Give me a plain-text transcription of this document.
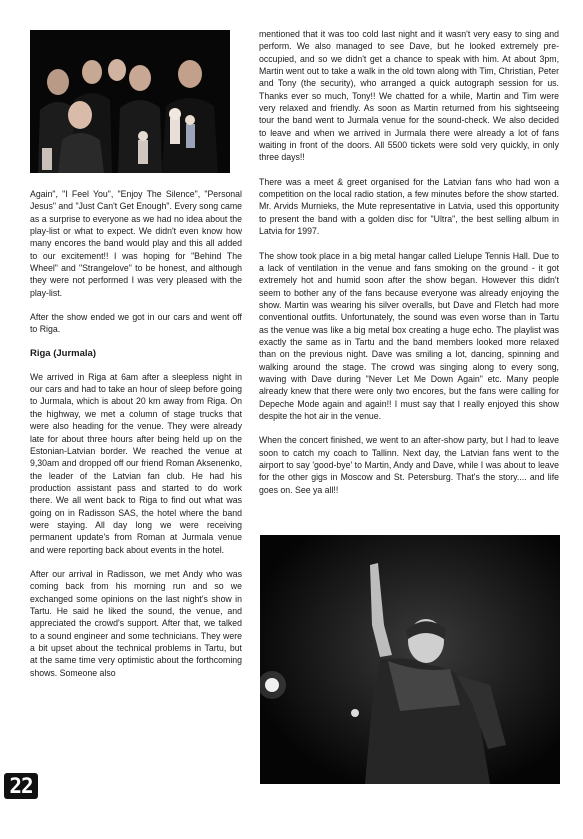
Again", "I Feel You", "Enjoy The Silence", "Personal Jesus" and "Just Can't Get Enough". Every song came as a surprise to everyone as we had no idea about the play-list or what to expect. We didn't even know how many encores the band would play and this all added to our excitement!! I was hoping for "Behind The Wheel" and "Strangelove" to be honest, and although they were not performed I was very pleased with the play-list.

After the show ended we got in our cars and went off to Riga.

Riga (Jurmala)

We arrived in Riga at 6am after a sleepless night in our cars and had to take an hour of sleep before going to Jurmala, which is about 20 km away from Riga. On the highway, we met a column of stage trucks that were also heading for the venue. They were already late for about three hours after being held up on the Estonian-Latvian border. We reached the venue at 9,30am and dropped off our friend Roman Aksenenko, the leader of the Latvian fan club. He had his production assistant pass and started to do work there. We all went back to Riga to find out what was going on in Radisson SAS, the hotel where the band were staying. All day long we were receiving permanent update's from Roman at Jurmala venue and were reporting back about events in the hotel.

After our arrival in Radisson, we met Andy who was coming back from his morning run and so we exchanged some opinions on the last night's show in Tartu. He said he liked the sound, the venue, and appreciated the crowd's support. After that, we talked to a sound engineer and some technicians. They were a bit upset about the technical problems in Tartu, but at the same time very optimistic about the forthcoming shows. Someone also

mentioned that it was too cold last night and it wasn't very easy to sing and perform. We also managed to see Dave, but he looked extremely pre-occupied, and so we didn't get a chance to speak with him. At about 3pm, Martin went out to take a walk in the old town along with Tim, Christian, Peter and Tony (the security), who arranged a quick autograph session for us. Thanks ever so much, Tony!! We chatted for a while, Martin and Tim were very relaxed and friendly. As soon as Martin returned from his sightseeing tour the band went to Jurmala venue for the sound-check. We also decided to leave and when we arrived in Jurmala there were already a lot of fans waiting in front of the doors. All 5500 tickets were sold very quickly, in only three days!!

There was a meet & greet organised for the Latvian fans who had won a competition on the local radio station, a few minutes before the show started. Mr. Arvids Murnieks, the Mute representative in Latvia, used this opportunity to present the band with a golden disc for "Ultra", the best selling album in Latvia for 1997.

The show took place in a big metal hangar called Lielupe Tennis Hall. Due to a lack of ventilation in the venue and fans smoking on the ground - it got extremely hot and humid soon after the show began. However this didn't seem to bother any of the fans because everyone was already enjoying the show. Martin was wearing his silver overalls, but Dave and Fletch had more conventional outfits. Unfortunately, the sound was even worse than in Tartu as the venue was like a big metal box creating a huge echo. The playlist was exactly the same as in Tartu and the band members looked more relaxed than on the previous night. Dave was smiling a lot, dancing, spinning and walking around the stage. The crowd was singing along to every song, waving with Dave during "Never Let Me Down Again" etc. Many people already knew that there were only two encores, but the fans were calling for Depeche Mode again and again!! I must say that I really enjoyed this show despite the hot air in the venue.

When the concert finished, we went to an after-show party, but I had to leave soon to catch my coach to Tallinn. Next day, the Latvian fans went to the airport to say 'good-bye' to Martin, Andy and Dave, while I was about to leave for the other gigs in Moscow and St. Petersburg. That's the story.... and life goes on. See ya all!!

22
